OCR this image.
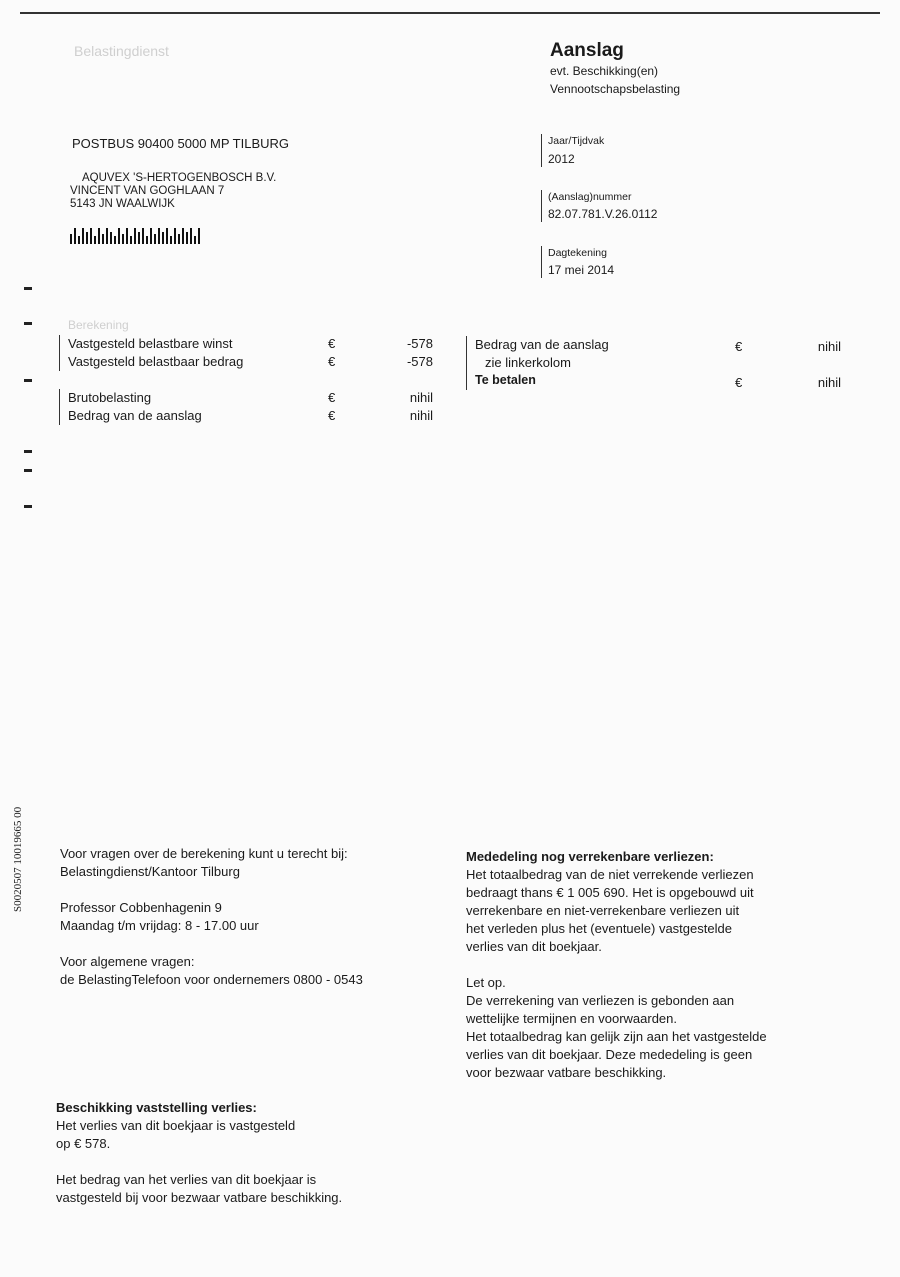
Belastingdienst	Aanslag
evt. Beschikking(en)
Vennootschapsbelasting
POSTBUS 90400 5000 MP TILBURG
AQUVEX 'S-HERTOGENBOSCH B.V.
VINCENT VAN GOGHLAAN 7
5143 JN WAALWIJK
Jaar/Tijdvak
2012
(Aanslag)nummer
82.07.781.V.26.0112
Dagtekening
17 mei 2014
Berekening
Vastgesteld belastbare winst	€	-578
Vastgesteld belastbaar bedrag	€	-578
Brutobelasting	€	nihil
Bedrag van de aanslag	€	nihil
Bedrag van de aanslag	€	nihil
zie linkerkolom
Te betalen	€	nihil
S0020507 10019665 00	Voor vragen over de berekening kunt u terecht bij:
Belastingdienst/Kantoor Tilburg
Professor Cobbenhagenin 9
Maandag t/m vrijdag: 8 - 17.00 uur
Voor algemene vragen:
de BelastingTelefoon voor ondernemers 0800 - 0543
Mededeling nog verrekenbare verliezen:
Het totaalbedrag van de niet verrekende verliezen
bedraagt thans € 1 005 690. Het is opgebouwd uit
verrekenbare en niet-verrekenbare verliezen uit
het verleden plus het (eventuele) vastgestelde
verlies van dit boekjaar.
Let op.
De verrekening van verliezen is gebonden aan
wettelijke termijnen en voorwaarden.
Het totaalbedrag kan gelijk zijn aan het vastgestelde
verlies van dit boekjaar. Deze mededeling is geen
voor bezwaar vatbare beschikking.
Beschikking vaststelling verlies:
Het verlies van dit boekjaar is vastgesteld
op € 578.
Het bedrag van het verlies van dit boekjaar is
vastgesteld bij voor bezwaar vatbare beschikking.
